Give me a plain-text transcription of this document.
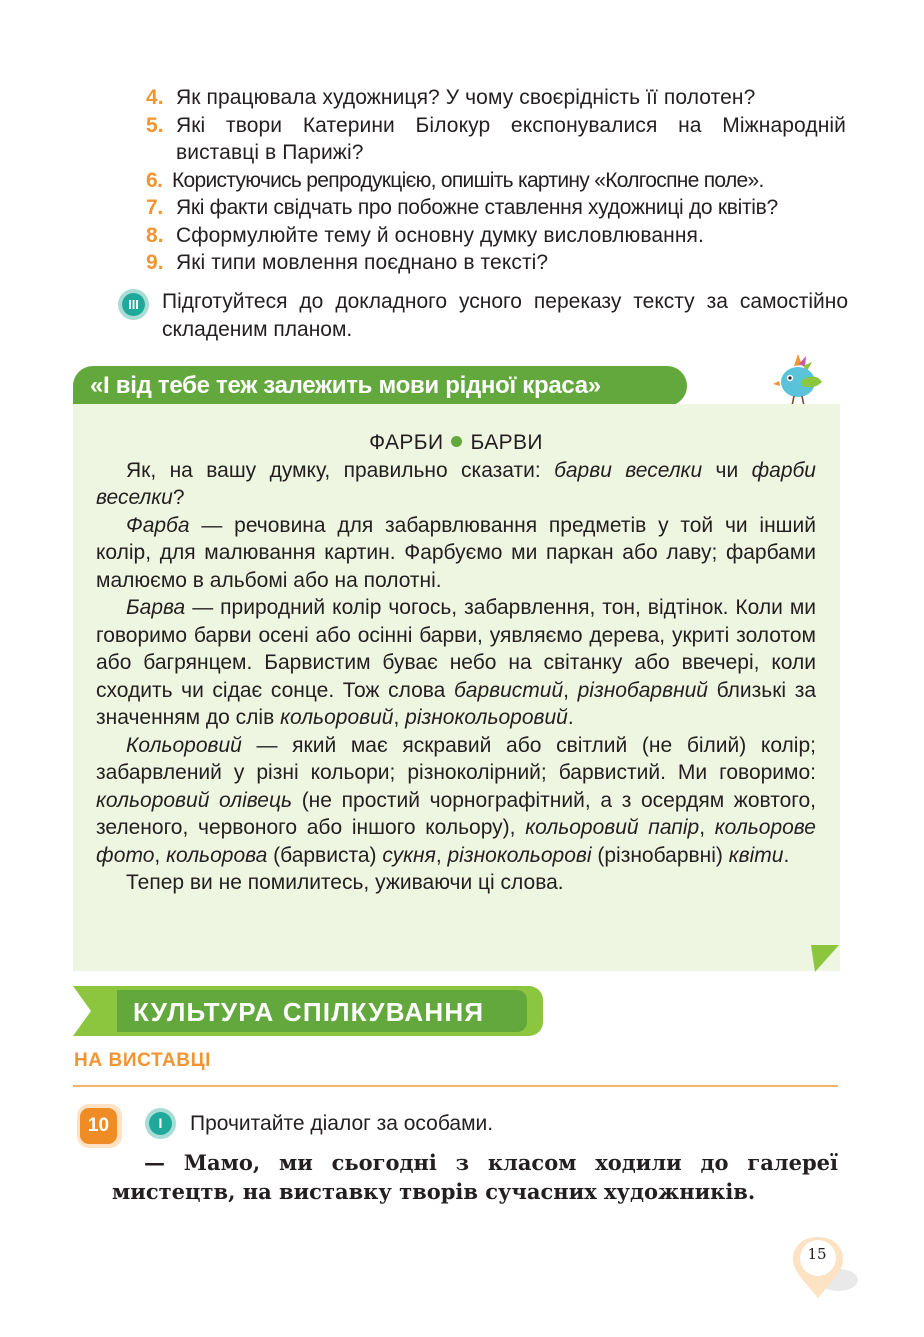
4. Як працювала художниця? У чому своєрідність її полотен?
5. Які твори Катерини Білокур експонувалися на Міжнародній виставці в Парижі?
6. Користуючись репродукцією, опишіть картину «Колгоспне поле».
7. Які факти свідчать про побожне ставлення художниці до квітів?
8. Сформулюйте тему й основну думку висловлювання.
9. Які типи мовлення поєднано в тексті?
III Підготуйтеся до докладного усного переказу тексту за самостійно складеним планом.
«І від тебе теж залежить мови рідної краса»
ФАРБИ БАРВИ
Як, на вашу думку, правильно сказати: барви веселки чи фарби веселки?
Фарба — речовина для забарвлювання предметів у той чи інший колір, для малювання картин. Фарбуємо ми паркан або лаву; фарбами малюємо в альбомі або на полотні.
Барва — природний колір чогось, забарвлення, тон, відтінок. Коли ми говоримо барви осені або осінні барви, уявляємо дерева, укриті золотом або багрянцем. Барвистим буває небо на світанку або ввечері, коли сходить чи сідає сонце. Тож слова барвистий, різнобарвний близькі за значенням до слів кольоровий, різнокольоровий.
Кольоровий — який має яскравий або світлий (не білий) колір; забарвлений у різні кольори; різноколірний; барвистий. Ми говоримо: кольоровий олівець (не простий чорнографітний, а з осердям жовтого, зеленого, червоного або іншого кольору), кольоровий папір, кольорове фото, кольорова (барвиста) сукня, різнокольорові (різнобарвні) квіти.
Тепер ви не помилитесь, уживаючи ці слова.
КУЛЬТУРА СПІЛКУВАННЯ
НА ВИСТАВЦІ
10	I	Прочитайте діалог за особами.
— Мамо, ми сьогодні з класом ходили до галереї мистецтв, на виставку творів сучасних художників.
15
